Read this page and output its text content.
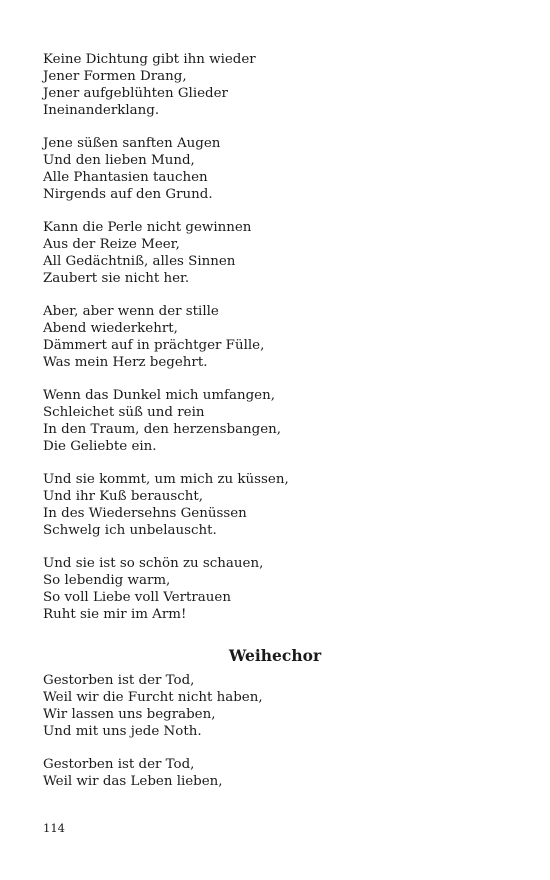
Keine Dichtung gibt ihn wieder
Jener Formen Drang,
Jener aufgeblühten Glieder
Ineinanderklang.
Jene süßen sanften Augen
Und den lieben Mund,
Alle Phantasien tauchen
Nirgends auf den Grund.
Kann die Perle nicht gewinnen
Aus der Reize Meer,
All Gedächtniß, alles Sinnen
Zaubert sie nicht her.
Aber, aber wenn der stille
Abend wiederkehrt,
Dämmert auf in prächtger Fülle,
Was mein Herz begehrt.
Wenn das Dunkel mich umfangen,
Schleichet süß und rein
In den Traum, den herzensbangen,
Die Geliebte ein.
Und sie kommt, um mich zu küssen,
Und ihr Kuß berauscht,
In des Wiedersehns Genüssen
Schwelg ich unbelauscht.
Und sie ist so schön zu schauen,
So lebendig warm,
So voll Liebe voll Vertrauen
Ruht sie mir im Arm!
Weihechor
Gestorben ist der Tod,
Weil wir die Furcht nicht haben,
Wir lassen uns begraben,
Und mit uns jede Noth.
Gestorben ist der Tod,
Weil wir das Leben lieben,
114
